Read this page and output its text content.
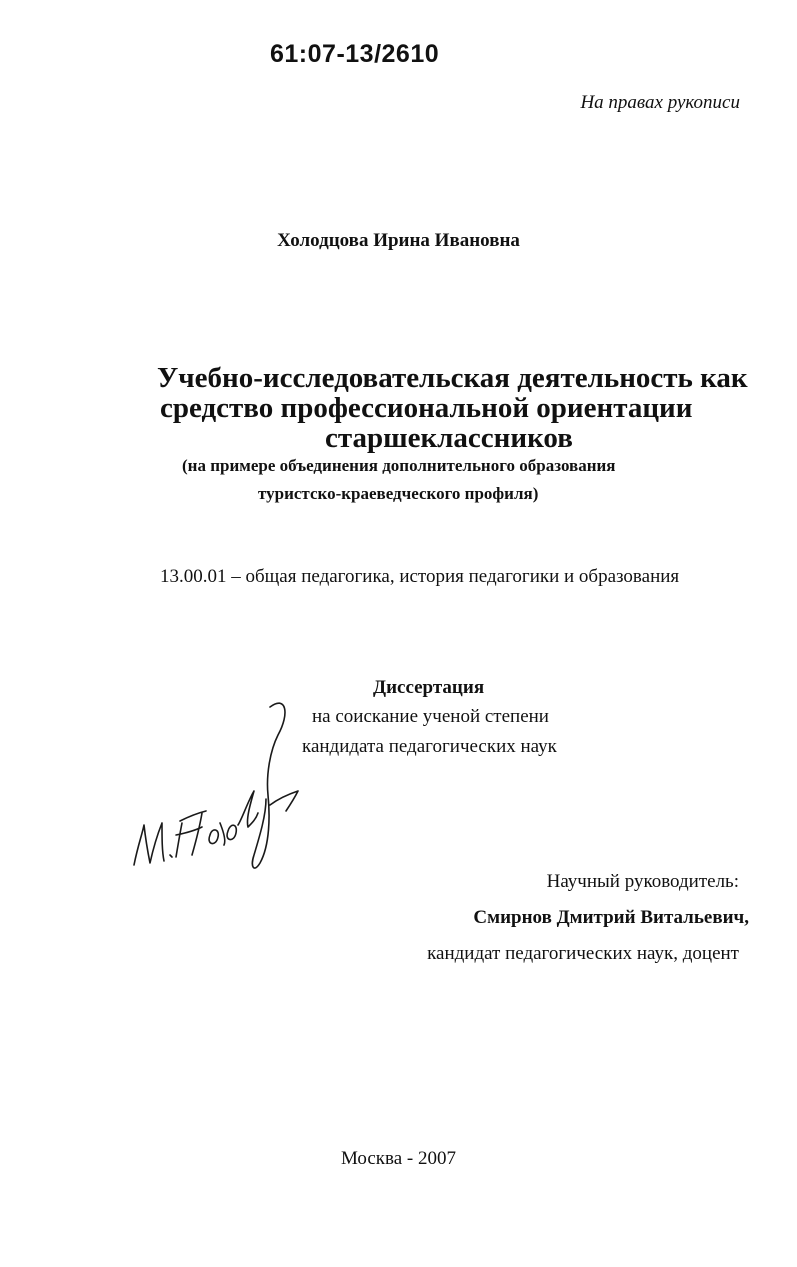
61:07-13/2610
На правах рукописи
Холодцова Ирина Ивановна
Учебно-исследовательская деятельность как
средство профессиональной ориентации
старшеклассников
(на примере объединения дополнительного образования
туристско-краеведческого профиля)
13.00.01 – общая педагогика, история педагогики и образования
Диссертация
на соискание ученой степени
кандидата педагогических наук
Научный руководитель:
Смирнов Дмитрий Витальевич,
кандидат педагогических наук, доцент
Москва - 2007
